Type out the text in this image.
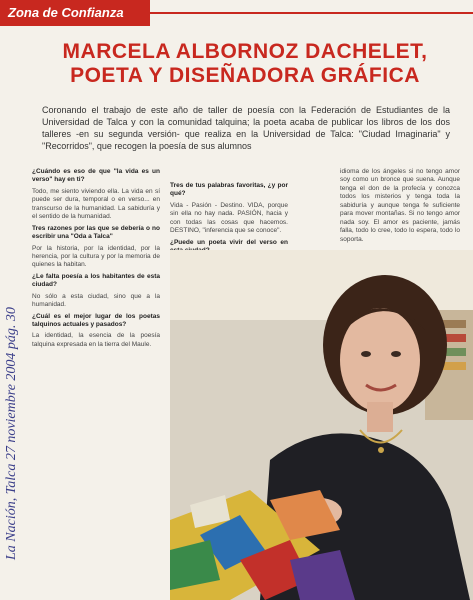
Zona de Confianza
MARCELA ALBORNOZ DACHELET,
POETA Y DISEÑADORA GRÁFICA
Coronando el trabajo de este año de taller de poesía con la Federación de Estudiantes de la Universidad de Talca y con la comunidad talquina; la poeta acaba de publicar los libros de los dos talleres -en su segunda versión- que realiza en la Universidad de Talca: "Ciudad Imaginaria" y "Recorridos", que recogen la poesía de sus alumnos
La Nación, Talca 27 noviembre 2004 pág. 30

¿Cuándo es eso de que "la vida es un verso" hay en ti?

Todo, me siento viviendo ella. La vida en sí puede ser dura, temporal o en verso... en transcurso de la humanidad. La sabiduría y el sentido de la humanidad.

Tres razones por las que se debería o no escribir una "Oda a Talca"

Por la historia, por la identidad, por la herencia, por la cultura y por la memoria de quienes la habitan.

¿Le falta poesía a los habitantes de esta ciudad?

No sólo a esta ciudad, sino que a la humanidad.

¿Cuál es el mejor lugar de los poetas talquinos actuales y pasados?

La identidad, la esencia de la poesía talquina expresada en la tierra del Maule.

Tres de tus palabras favoritas, ¿y por qué?

Vida - Pasión - Destino. VIDA, porque sin ella no hay nada. PASIÓN, hacia y con todas las cosas que hacemos. DESTINO, "inferencia que se conoce".

¿Puede un poeta vivir del verso en

idioma de los ángeles si no tengo amor soy como un bronce que suena. Aunque tenga el don de la profecía y conozca todos los misterios y tenga toda la sabiduría y aunque tenga fe suficiente para mover montañas. Si no tengo amor nada soy. El amor es paciente, jamás falla, todo lo cree, todo lo espera, todo lo soporta.
